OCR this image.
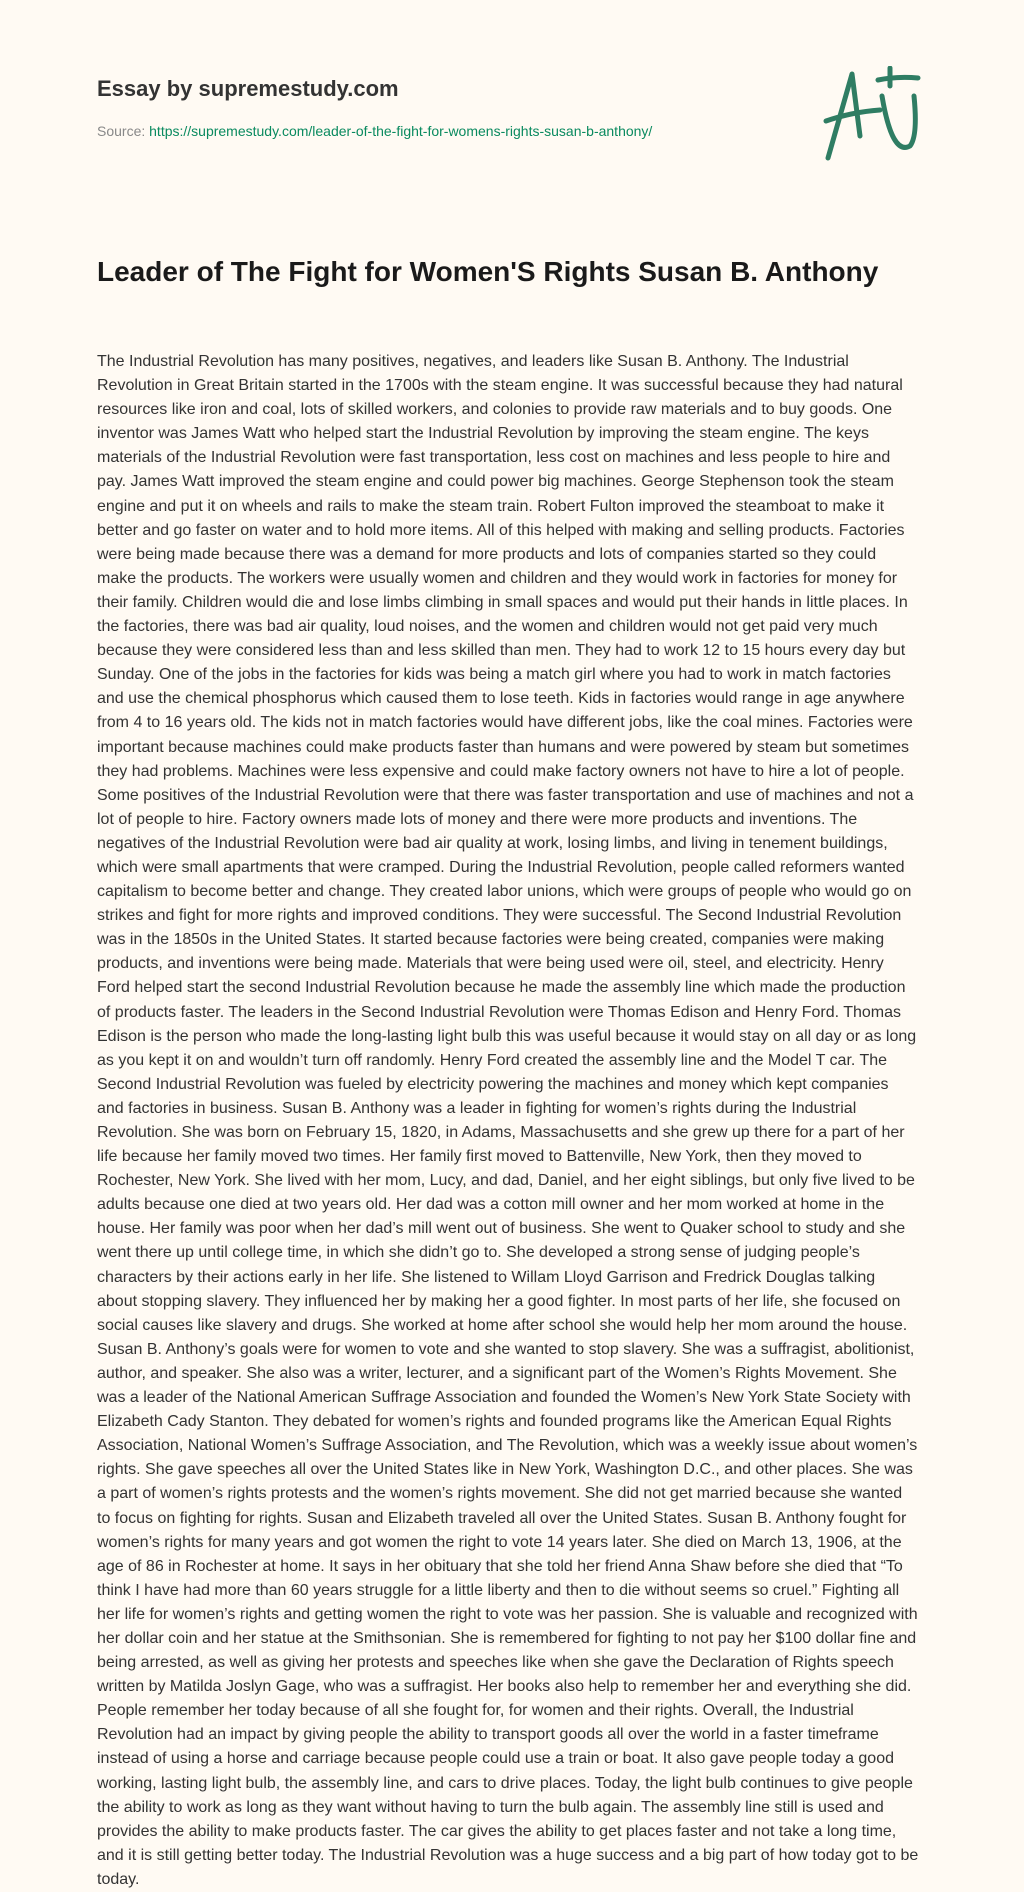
Essay by supremestudy.com
Source: https://supremestudy.com/leader-of-the-fight-for-womens-rights-susan-b-anthony/
Leader of The Fight for Women'S Rights Susan B. Anthony

The Industrial Revolution has many positives, negatives, and leaders like Susan B. Anthony. The Industrial Revolution in Great Britain started in the 1700s with the steam engine. It was successful because they had natural resources like iron and coal, lots of skilled workers, and colonies to provide raw materials and to buy goods. One inventor was James Watt who helped start the Industrial Revolution by improving the steam engine. The keys materials of the Industrial Revolution were fast transportation, less cost on machines and less people to hire and pay. James Watt improved the steam engine and could power big machines. George Stephenson took the steam engine and put it on wheels and rails to make the steam train. Robert Fulton improved the steamboat to make it better and go faster on water and to hold more items. All of this helped with making and selling products. Factories were being made because there was a demand for more products and lots of companies started so they could make the products. The workers were usually women and children and they would work in factories for money for their family. Children would die and lose limbs climbing in small spaces and would put their hands in little places. In the factories, there was bad air quality, loud noises, and the women and children would not get paid very much because they were considered less than and less skilled than men. They had to work 12 to 15 hours every day but Sunday. One of the jobs in the factories for kids was being a match girl where you had to work in match factories and use the chemical phosphorus which caused them to lose teeth. Kids in factories would range in age anywhere from 4 to 16 years old. The kids not in match factories would have different jobs, like the coal mines. Factories were important because machines could make products faster than humans and were powered by steam but sometimes they had problems. Machines were less expensive and could make factory owners not have to hire a lot of people. Some positives of the Industrial Revolution were that there was faster transportation and use of machines and not a lot of people to hire. Factory owners made lots of money and there were more products and inventions. The negatives of the Industrial Revolution were bad air quality at work, losing limbs, and living in tenement buildings, which were small apartments that were cramped. During the Industrial Revolution, people called reformers wanted capitalism to become better and change. They created labor unions, which were groups of people who would go on strikes and fight for more rights and improved conditions. They were successful. The Second Industrial Revolution was in the 1850s in the United States. It started because factories were being created, companies were making products, and inventions were being made. Materials that were being used were oil, steel, and electricity. Henry Ford helped start the second Industrial Revolution because he made the assembly line which made the production of products faster. The leaders in the Second Industrial Revolution were Thomas Edison and Henry Ford. Thomas Edison is the person who made the long-lasting light bulb this was useful because it would stay on all day or as long as you kept it on and wouldn’t turn off randomly. Henry Ford created the assembly line and the Model T car. The Second Industrial Revolution was fueled by electricity powering the machines and money which kept companies and factories in business. Susan B. Anthony was a leader in fighting for women’s rights during the Industrial Revolution. She was born on February 15, 1820, in Adams, Massachusetts and she grew up there for a part of her life because her family moved two times. Her family first moved to Battenville, New York, then they moved to Rochester, New York. She lived with her mom, Lucy, and dad, Daniel, and her eight siblings, but only five lived to be adults because one died at two years old. Her dad was a cotton mill owner and her mom worked at home in the house. Her family was poor when her dad’s mill went out of business. She went to Quaker school to study and she went there up until college time, in which she didn’t go to. She developed a strong sense of judging people’s characters by their actions early in her life. She listened to Willam Lloyd Garrison and Fredrick Douglas talking about stopping slavery. They influenced her by making her a good fighter. In most parts of her life, she focused on social causes like slavery and drugs. She worked at home after school she would help her mom around the house. Susan B. Anthony’s goals were for women to vote and she wanted to stop slavery. She was a suffragist, abolitionist, author, and speaker. She also was a writer, lecturer, and a significant part of the Women’s Rights Movement. She was a leader of the National American Suffrage Association and founded the Women’s New York State Society with Elizabeth Cady Stanton. They debated for women’s rights and founded programs like the American Equal Rights Association, National Women’s Suffrage Association, and The Revolution, which was a weekly issue about women’s rights. She gave speeches all over the United States like in New York, Washington D.C., and other places. She was a part of women’s rights protests and the women’s rights movement. She did not get married because she wanted to focus on fighting for rights. Susan and Elizabeth traveled all over the United States. Susan B. Anthony fought for women’s rights for many years and got women the right to vote 14 years later. She died on March 13, 1906, at the age of 86 in Rochester at home. It says in her obituary that she told her friend Anna Shaw before she died that “To think I have had more than 60 years struggle for a little liberty and then to die without seems so cruel.” Fighting all her life for women’s rights and getting women the right to vote was her passion. She is valuable and recognized with her dollar coin and her statue at the Smithsonian. She is remembered for fighting to not pay her $100 dollar fine and being arrested, as well as giving her protests and speeches like when she gave the Declaration of Rights speech written by Matilda Joslyn Gage, who was a suffragist. Her books also help to remember her and everything she did. People remember her today because of all she fought for, for women and their rights. Overall, the Industrial Revolution had an impact by giving people the ability to transport goods all over the world in a faster timeframe instead of using a horse and carriage because people could use a train or boat. It also gave people today a good working, lasting light bulb, the assembly line, and cars to drive places. Today, the light bulb continues to give people the ability to work as long as they want without having to turn the bulb again. The assembly line still is used and provides the ability to make products faster. The car gives the ability to get places faster and not take a long time, and it is still getting better today. The Industrial Revolution was a huge success and a big part of how today got to be today.
